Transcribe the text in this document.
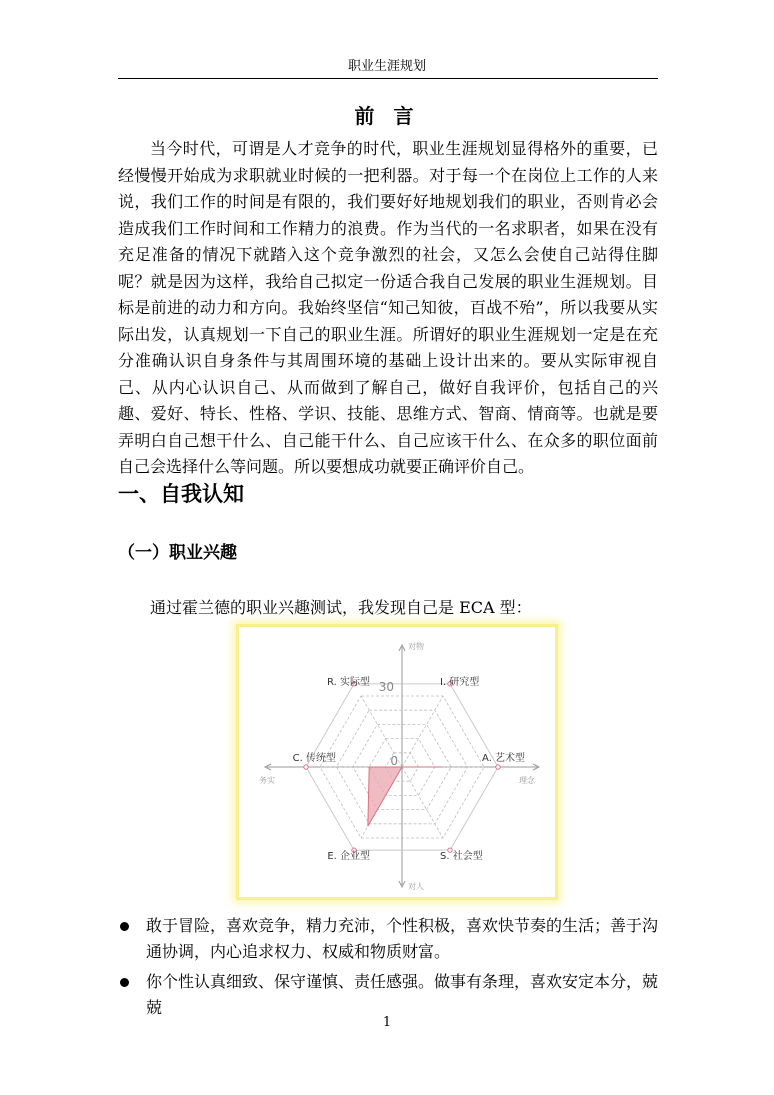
职业生涯规划
前 言

当今时代，可谓是人才竞争的时代，职业生涯规划显得格外的重要，已经慢慢开始成为求职就业时候的一把利器。对于每一个在岗位上工作的人来说，我们工作的时间是有限的，我们要好好地规划我们的职业，否则肯必会造成我们工作时间和工作精力的浪费。作为当代的一名求职者，如果在没有充足准备的情况下就踏入这个竞争激烈的社会，又怎么会使自己站得住脚呢？就是因为这样，我给自己拟定一份适合我自己发展的职业生涯规划。目标是前进的动力和方向。我始终坚信“知己知彼，百战不殆”，所以我要从实际出发，认真规划一下自己的职业生涯。所谓好的职业生涯规划一定是在充分准确认识自身条件与其周围环境的基础上设计出来的。要从实际审视自己、从内心认识自己、从而做到了解自己，做好自我评价，包括自己的兴趣、爱好、特长、性格、学识、技能、思维方式、智商、情商等。也就是要弄明白自己想干什么、自己能干什么、自己应该干什么、在众多的职位面前自己会选择什么等问题。所以要想成功就要正确评价自己。

一、自我认知
（一）职业兴趣
通过霍兰德的职业兴趣测试，我发现自己是 ECA 型：
30
0
R. 实际型	I. 研究型
A. 艺术型
S. 社会型
E. 企业型
C. 传统型
对物
对人
务实	理念
敢于冒险，喜欢竞争，精力充沛，个性积极，喜欢快节奏的生活；善于沟通协调，内心追求权力、权威和物质财富。
你个性认真细致、保守谨慎、责任感强。做事有条理，喜欢安定本分，兢兢
1
